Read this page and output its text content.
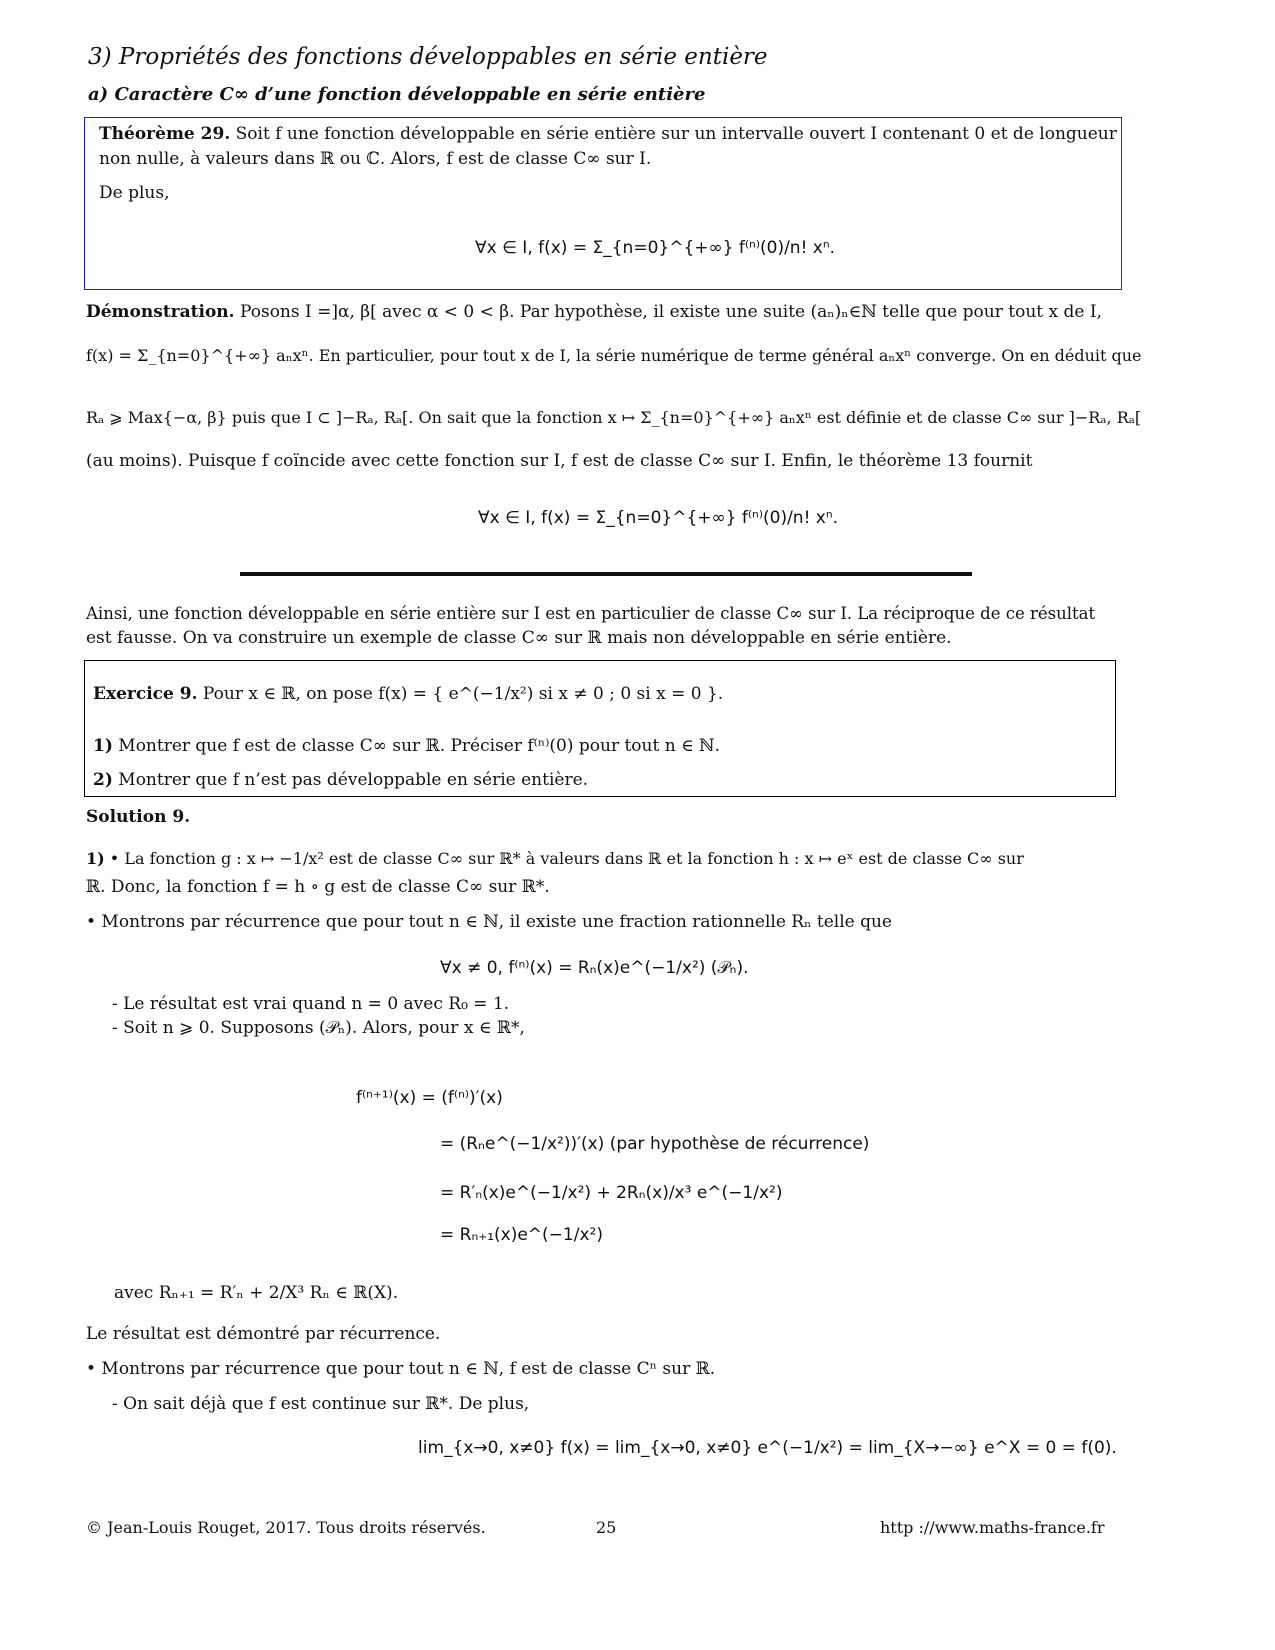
3) Propriétés des fonctions développables en série entière
a) Caractère C∞ d’une fonction développable en série entière
Théorème 29. Soit f une fonction développable en série entière sur un intervalle ouvert I contenant 0 et de longueur
non nulle, à valeurs dans ℝ ou ℂ. Alors, f est de classe C∞ sur I.
De plus,
∀x ∈ I, f(x) = Σ_{n=0}^{+∞} f⁽ⁿ⁾(0)/n! xⁿ.
Démonstration. Posons I =]α, β[ avec α < 0 < β. Par hypothèse, il existe une suite (aₙ)ₙ∈ℕ telle que pour tout x de I,
f(x) = Σ_{n=0}^{+∞} aₙxⁿ. En particulier, pour tout x de I, la série numérique de terme général aₙxⁿ converge. On en déduit que
Rₐ ⩾ Max{−α, β} puis que I ⊂ ]−Rₐ, Rₐ[. On sait que la fonction x ↦ Σ_{n=0}^{+∞} aₙxⁿ est définie et de classe C∞ sur ]−Rₐ, Rₐ[
(au moins). Puisque f coïncide avec cette fonction sur I, f est de classe C∞ sur I. Enfin, le théorème 13 fournit
∀x ∈ I, f(x) = Σ_{n=0}^{+∞} f⁽ⁿ⁾(0)/n! xⁿ.
Ainsi, une fonction développable en série entière sur I est en particulier de classe C∞ sur I. La réciproque de ce résultat
est fausse. On va construire un exemple de classe C∞ sur ℝ mais non développable en série entière.
Exercice 9. Pour x ∈ ℝ, on pose f(x) = { e^(−1/x²) si x ≠ 0 ; 0 si x = 0 }.
1) Montrer que f est de classe C∞ sur ℝ. Préciser f⁽ⁿ⁾(0) pour tout n ∈ ℕ.
2) Montrer que f n’est pas développable en série entière.
Solution 9.
1) • La fonction g : x ↦ −1/x² est de classe C∞ sur ℝ* à valeurs dans ℝ et la fonction h : x ↦ eˣ est de classe C∞ sur
ℝ. Donc, la fonction f = h ∘ g est de classe C∞ sur ℝ*.
• Montrons par récurrence que pour tout n ∈ ℕ, il existe une fraction rationnelle Rₙ telle que
∀x ≠ 0, f⁽ⁿ⁾(x) = Rₙ(x)e^(−1/x²) (𝒫ₙ).
- Le résultat est vrai quand n = 0 avec R₀ = 1.
- Soit n ⩾ 0. Supposons (𝒫ₙ). Alors, pour x ∈ ℝ*,
f⁽ⁿ⁺¹⁾(x) = (f⁽ⁿ⁾)′(x)
= (Rₙe^(−1/x²))′(x) (par hypothèse de récurrence)
= R′ₙ(x)e^(−1/x²) + 2Rₙ(x)/x³ e^(−1/x²)
= Rₙ₊₁(x)e^(−1/x²)
avec Rₙ₊₁ = R′ₙ + 2/X³ Rₙ ∈ ℝ(X).
Le résultat est démontré par récurrence.
• Montrons par récurrence que pour tout n ∈ ℕ, f est de classe Cⁿ sur ℝ.
- On sait déjà que f est continue sur ℝ*. De plus,
lim_{x→0, x≠0} f(x) = lim_{x→0, x≠0} e^(−1/x²) = lim_{X→−∞} e^X = 0 = f(0).
© Jean-Louis Rouget, 2017. Tous droits réservés.	25	http ://www.maths-france.fr
